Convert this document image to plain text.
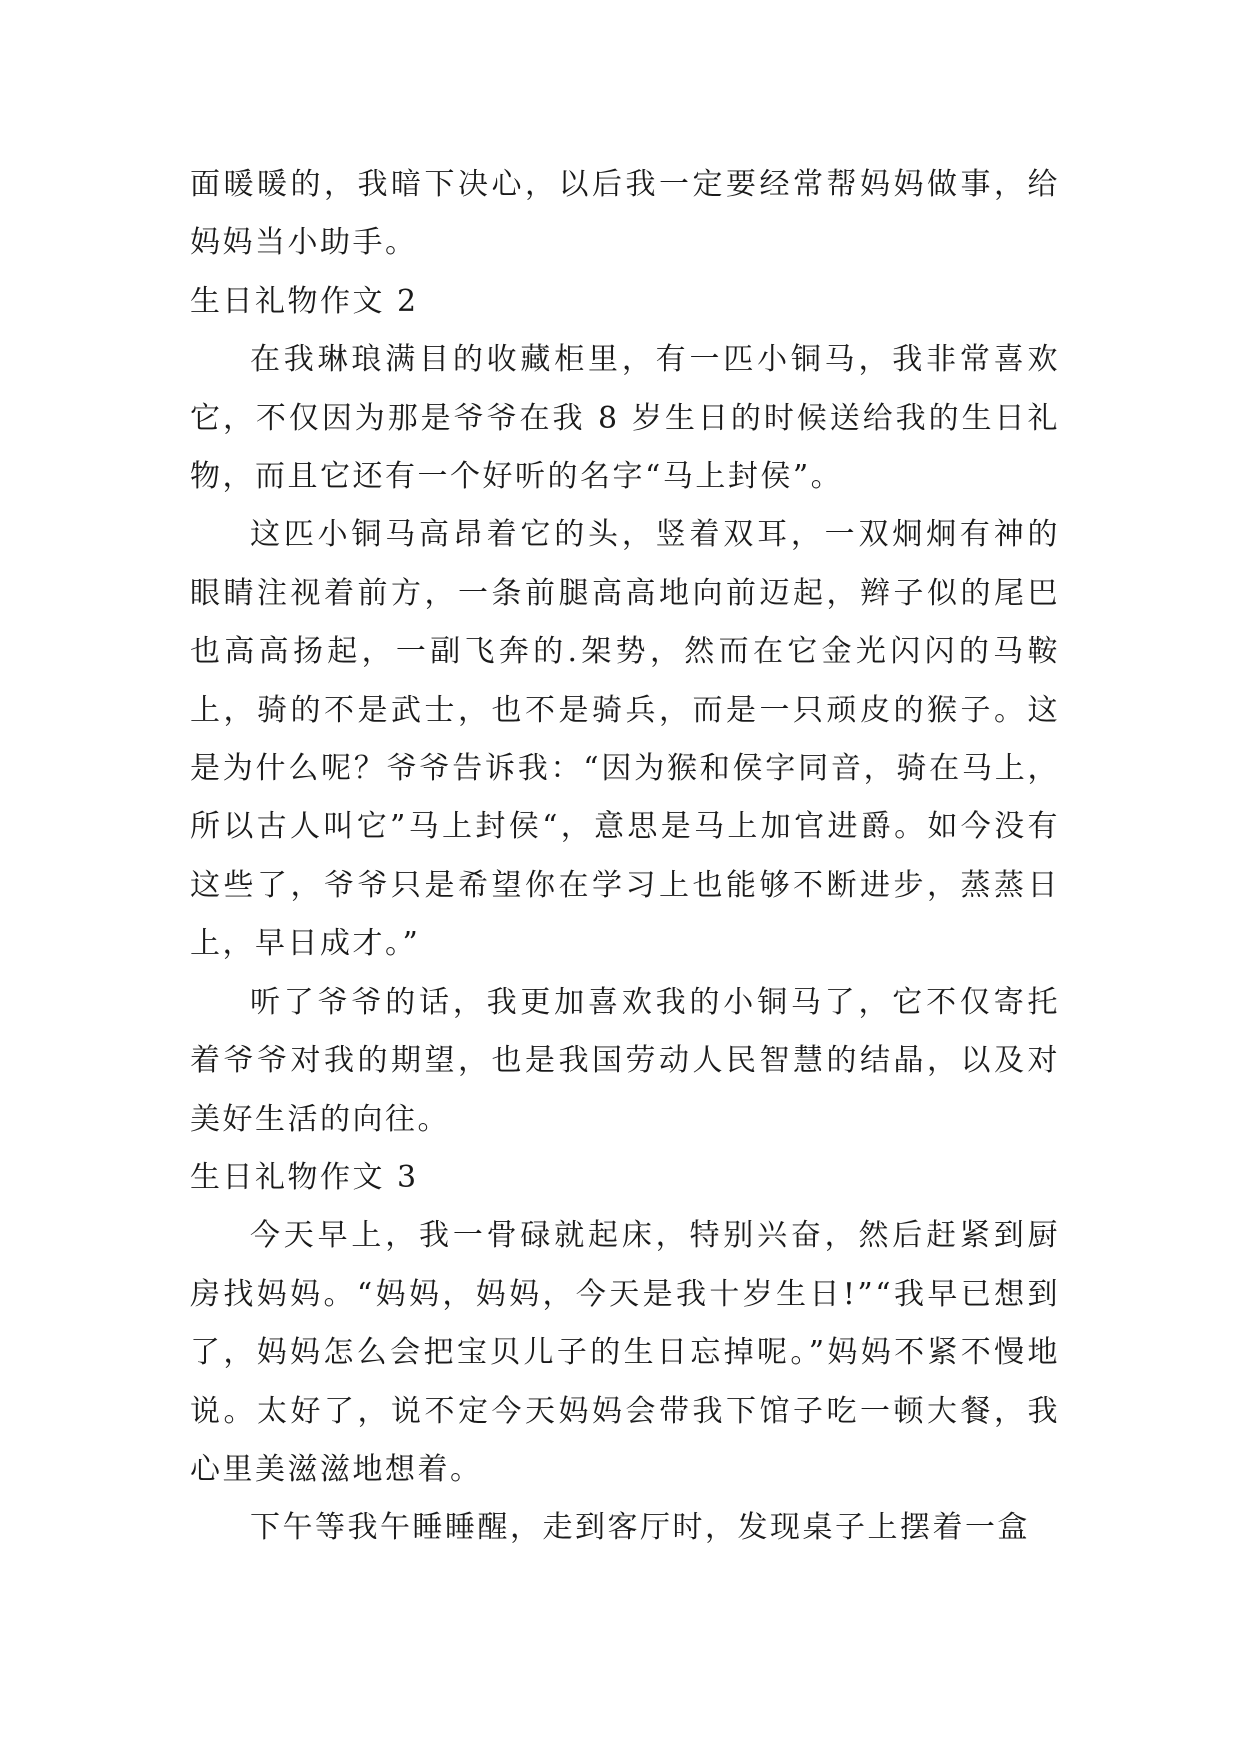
面暖暖的，我暗下决心，以后我一定要经常帮妈妈做事，给妈妈当小助手。

生日礼物作文 2

在我琳琅满目的收藏柜里，有一匹小铜马，我非常喜欢它，不仅因为那是爷爷在我 8 岁生日的时候送给我的生日礼物，而且它还有一个好听的名字“马上封侯”。

这匹小铜马高昂着它的头，竖着双耳，一双炯炯有神的眼睛注视着前方，一条前腿高高地向前迈起，辫子似的尾巴也高高扬起，一副飞奔的.架势，然而在它金光闪闪的马鞍上，骑的不是武士，也不是骑兵，而是一只顽皮的猴子。这是为什么呢？爷爷告诉我：“因为猴和侯字同音，骑在马上，所以古人叫它”马上封侯“，意思是马上加官进爵。如今没有这些了，爷爷只是希望你在学习上也能够不断进步，蒸蒸日上，早日成才。”

听了爷爷的话，我更加喜欢我的小铜马了，它不仅寄托着爷爷对我的期望，也是我国劳动人民智慧的结晶，以及对美好生活的向往。

生日礼物作文 3

今天早上，我一骨碌就起床，特别兴奋，然后赶紧到厨房找妈妈。“妈妈，妈妈，今天是我十岁生日!”“我早已想到了，妈妈怎么会把宝贝儿子的生日忘掉呢。”妈妈不紧不慢地说。太好了，说不定今天妈妈会带我下馆子吃一顿大餐，我心里美滋滋地想着。

下午等我午睡睡醒，走到客厅时，发现桌子上摆着一盒
